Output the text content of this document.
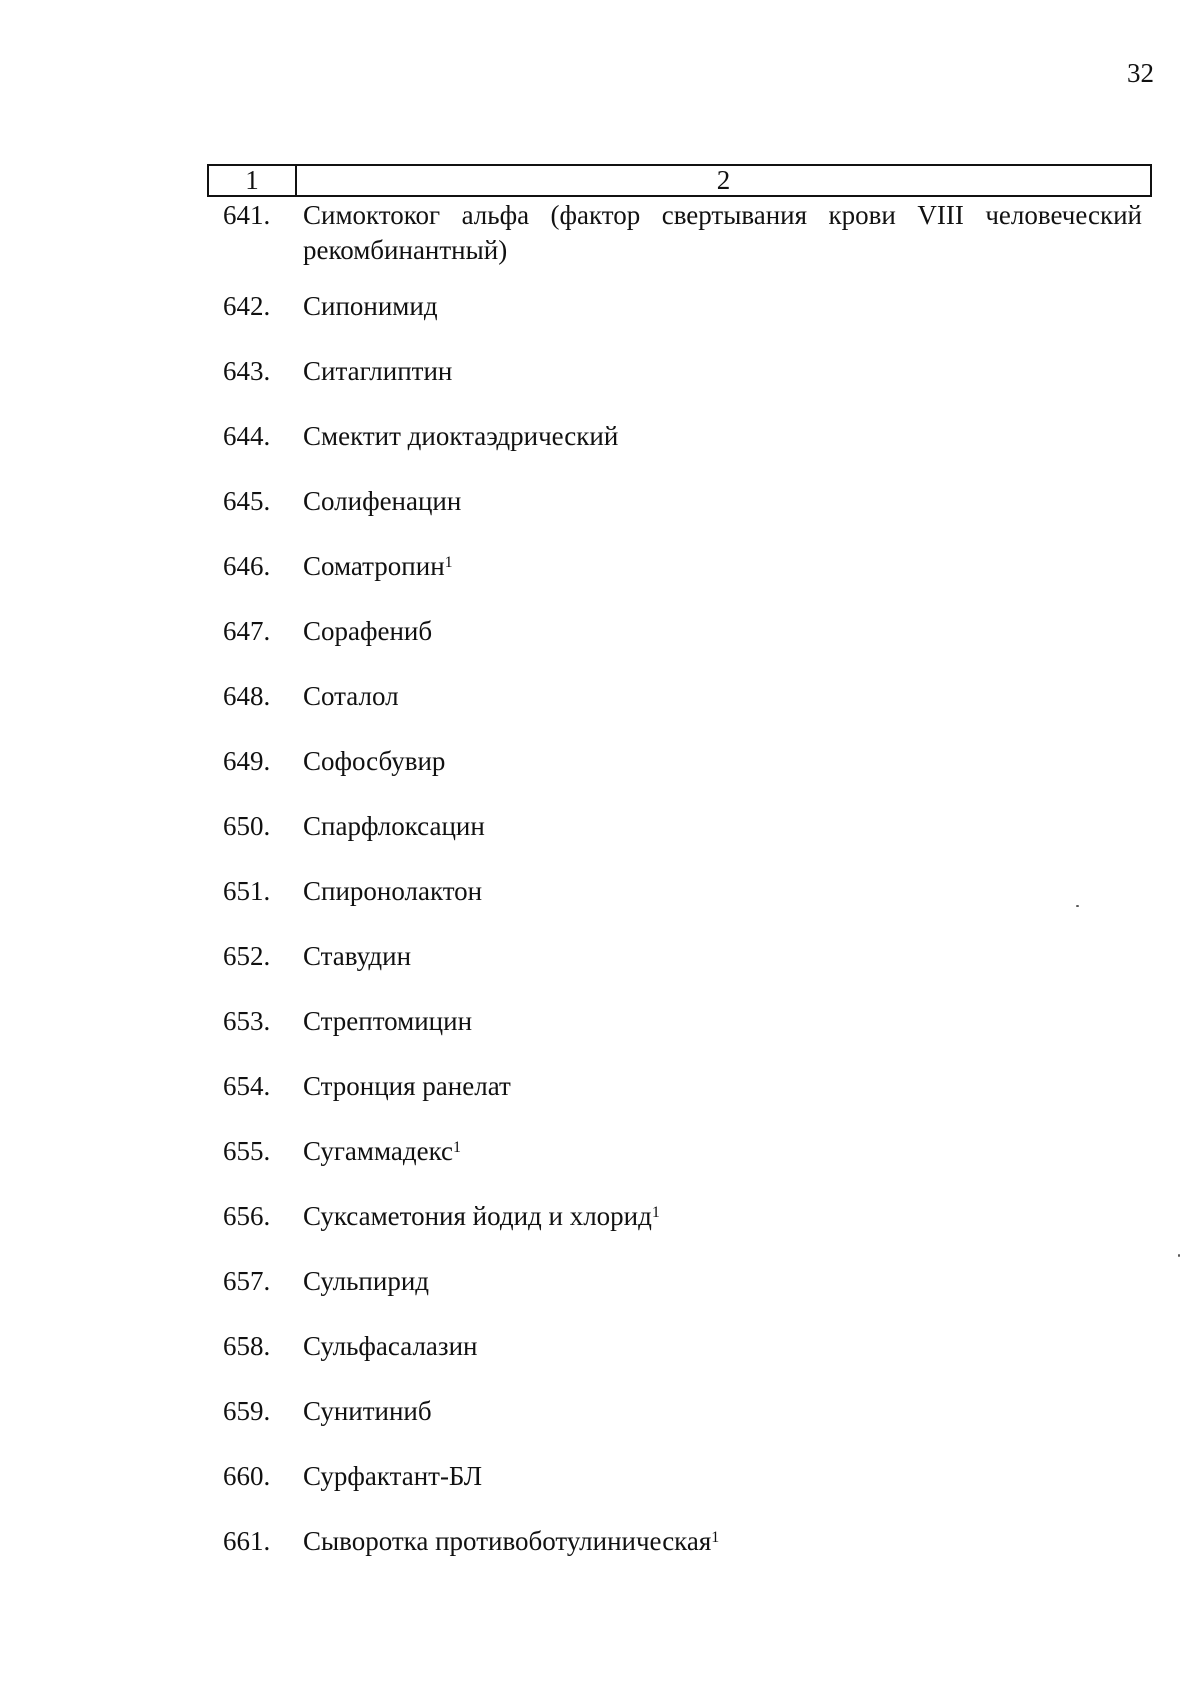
32
1	2
641.	Симоктоког альфа (фактор свертывания крови VIII человеческий рекомбинантный)
642.	Сипонимид
643.	Ситаглиптин
644.	Смектит диоктаэдрический
645.	Солифенацин
646.	Соматропин$^1$
647.	Сорафениб
648.	Соталол
649.	Софосбувир
650.	Спарфлоксацин
651.	Спиронолактон
652.	Ставудин
653.	Стрептомицин
654.	Стронция ранелат
655.	Сугаммадекс$^1$
656.	Суксаметония йодид и хлорид$^1$
657.	Сульпирид
658.	Сульфасалазин
659.	Сунитиниб
660.	Сурфактант-БЛ
661.	Сыворотка противоботулиническая$^1$
